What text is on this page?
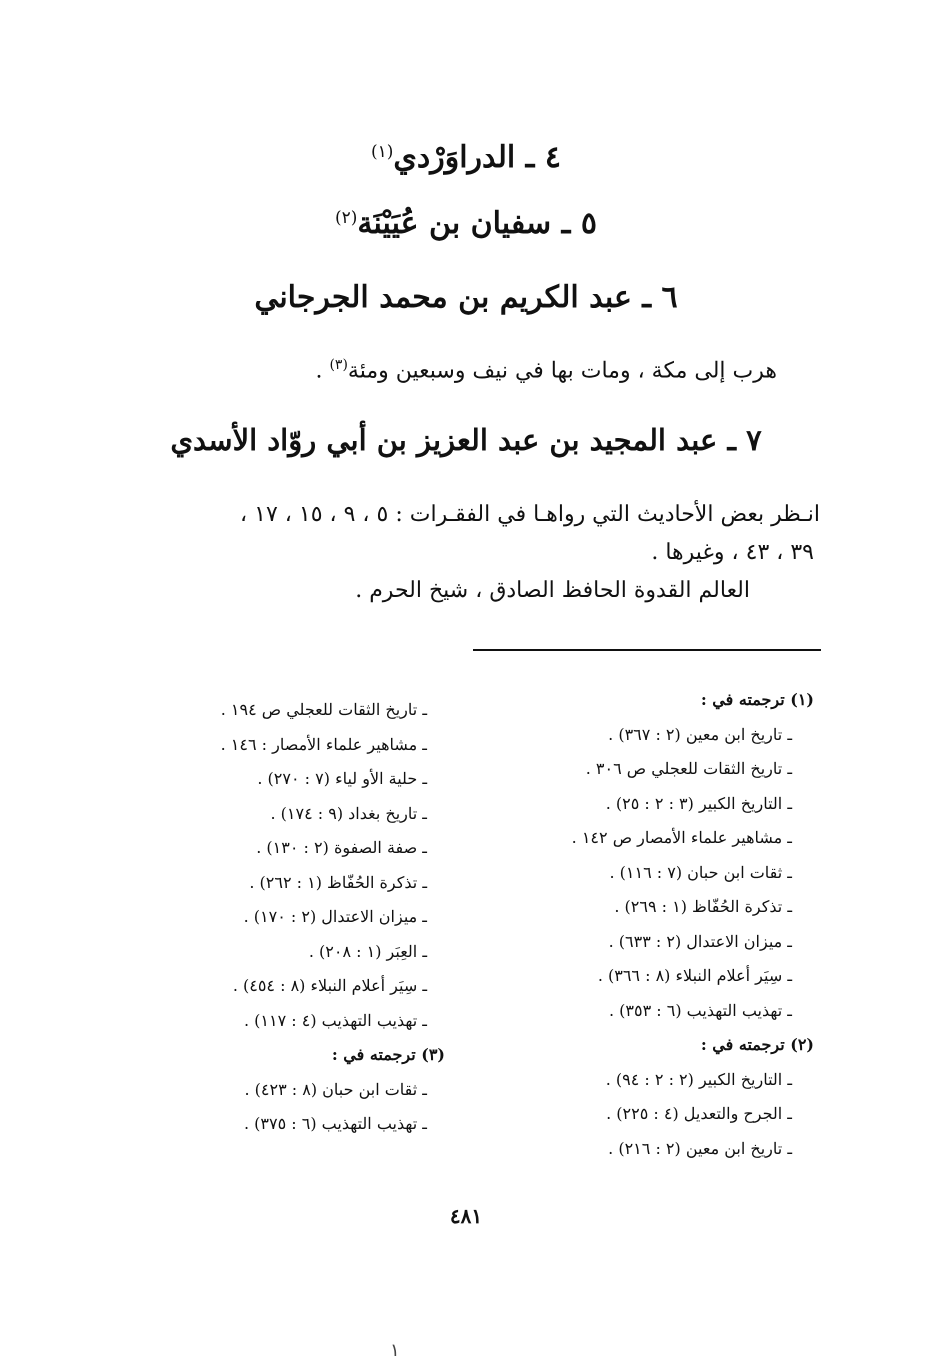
٤ ـ الدراوَرْدي$^{(١)}$
٥ ـ سفيان بن عُيَيْنَة$^{(٢)}$
٦ ـ عبد الكريم بن محمد الجرجاني
هرب إلى مكة ، ومات بها في نيف وسبعين ومئة$^{(٣)}$ .
٧ ـ عبد المجيد بن عبد العزيز بن أبي روّاد الأسدي
انـظر بعض الأحاديث التي رواهـا في الفقـرات : ٥ ، ٩ ، ١٥ ، ١٧ ،
٣٩ ، ٤٣ ، وغيرها .
العالم القدوة الحافظ الصادق ، شيخ الحرم .
(١) ترجمته في :
ـ تاريخ ابن معين (٢ : ٣٦٧) .
ـ تاريخ الثقات للعجلي ص ٣٠٦ .
ـ التاريخ الكبير (٣ : ٢ : ٢٥) .
ـ مشاهير علماء الأمصار ص ١٤٢ .
ـ ثقات ابن حبان (٧ : ١١٦) .
ـ تذكرة الحُفّاظ (١ : ٢٦٩) .
ـ ميزان الاعتدال (٢ : ٦٣٣) .
ـ سِيَر أعلام النبلاء (٨ : ٣٦٦) .
ـ تهذيب التهذيب (٦ : ٣٥٣) .
(٢) ترجمته في :
ـ التاريخ الكبير (٢ : ٢ : ٩٤) .
ـ الجرح والتعديل (٤ : ٢٢٥) .
ـ تاريخ ابن معين (٢ : ٢١٦) .
ـ تاريخ الثقات للعجلي ص ١٩٤ .
ـ مشاهير علماء الأمصار : ١٤٦ .
ـ حلية الأو لياء (٧ : ٢٧٠) .
ـ تاريخ بغداد (٩ : ١٧٤) .
ـ صفة الصفوة (٢ : ١٣٠) .
ـ تذكرة الحُفّاظ (١ : ٢٦٢) .
ـ ميزان الاعتدال (٢ : ١٧٠) .
ـ العِبَر (١ : ٢٠٨) .
ـ سِيَر أعلام النبلاء (٨ : ٤٥٤) .
ـ تهذيب التهذيب (٤ : ١١٧) .
(٣) ترجمته في :
ـ ثقات ابن حبان (٨ : ٤٢٣) .
ـ تهذيب التهذيب (٦ : ٣٧٥) .
٤٨١
١
